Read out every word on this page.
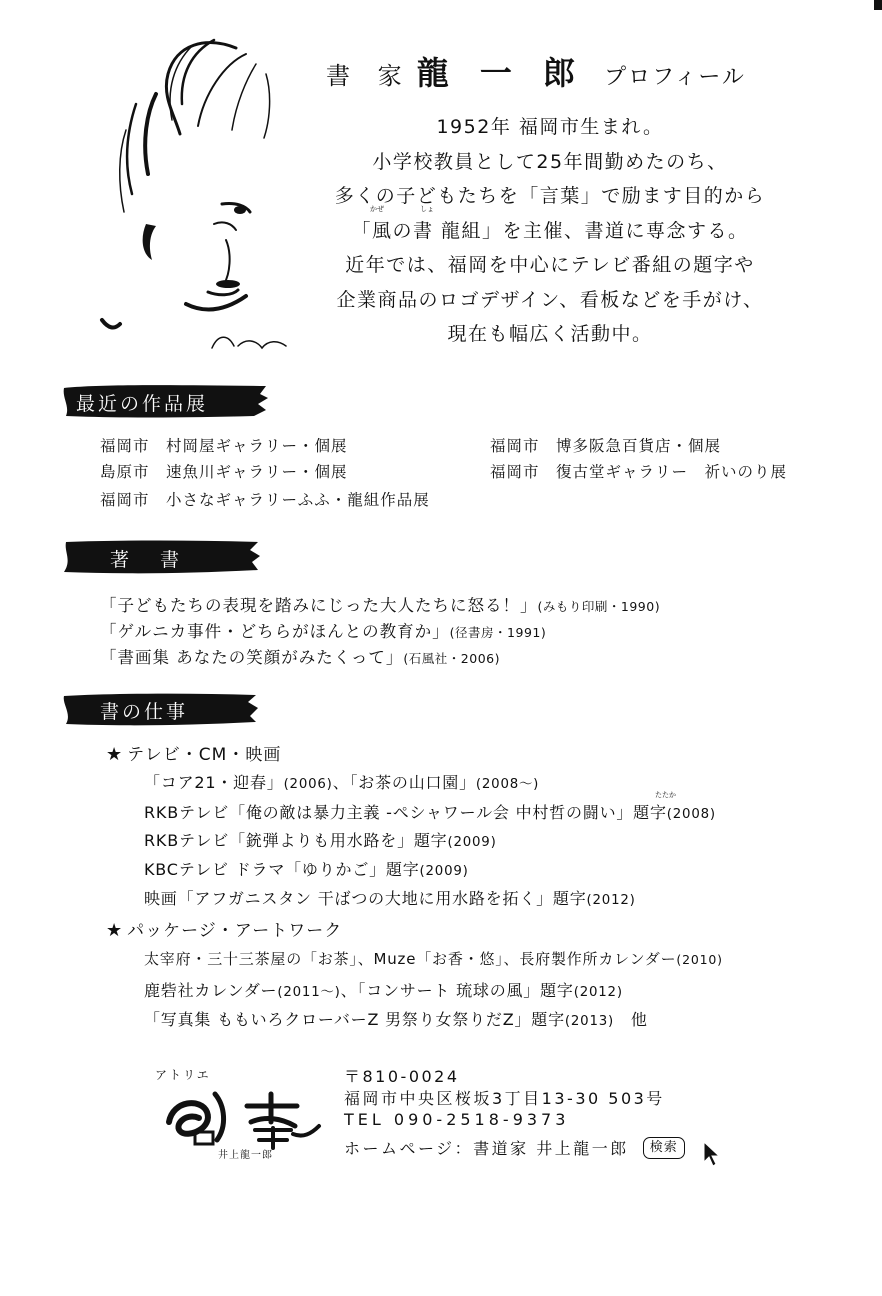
書 家 龍 一 郎 プロフィール
1952年 福岡市生まれ。
小学校教員として25年間勤めたのち、
多くの子どもたちを「言葉」で励ます目的から
「風の書 龍組」を主催、書道に専念する。
近年では、福岡を中心にテレビ番組の題字や
企業商品のロゴデザイン、看板などを手がけ、
現在も幅広く活動中。
かぜ	しょ
最近の作品展
福岡市　村岡屋ギャラリー・個展
島原市　速魚川ギャラリー・個展
福岡市　小さなギャラリーふふ・龍組作品展
福岡市　博多阪急百貨店・個展
福岡市　復古堂ギャラリー　祈いのり展
著　書
「子どもたちの表現を踏みにじった大人たちに怒る！」(みもり印刷・1990)
「ゲルニカ事件・どちらがほんとの教育か」(径書房・1991)
「書画集 あなたの笑顔がみたくって」(石風社・2006)
書の仕事
★ テレビ・CM・映画
「コア21・迎春」(2006)、「お茶の山口園」(2008～)
RKBテレビ「俺の敵は暴力主義 -ペシャワール会 中村哲の闘い」題字(2008)
たたか
RKBテレビ「銃弾よりも用水路を」題字(2009)
KBCテレビ ドラマ「ゆりかご」題字(2009)
映画「アフガニスタン 干ばつの大地に用水路を拓く」題字(2012)
★ パッケージ・アートワーク
太宰府・三十三茶屋の「お茶」、Muze「お香・悠」、長府製作所カレンダー(2010)
鹿砦社カレンダー(2011～)、「コンサート 琉球の風」題字(2012)
「写真集 ももいろクローバーZ 男祭り女祭りだZ」題字(2013)　他
アトリエ
井上龍一郎
〒810-0024
福岡市中央区桜坂3丁目13-30 503号
TEL 090-2518-9373
ホームページ：書道家 井上龍一郎	検索
